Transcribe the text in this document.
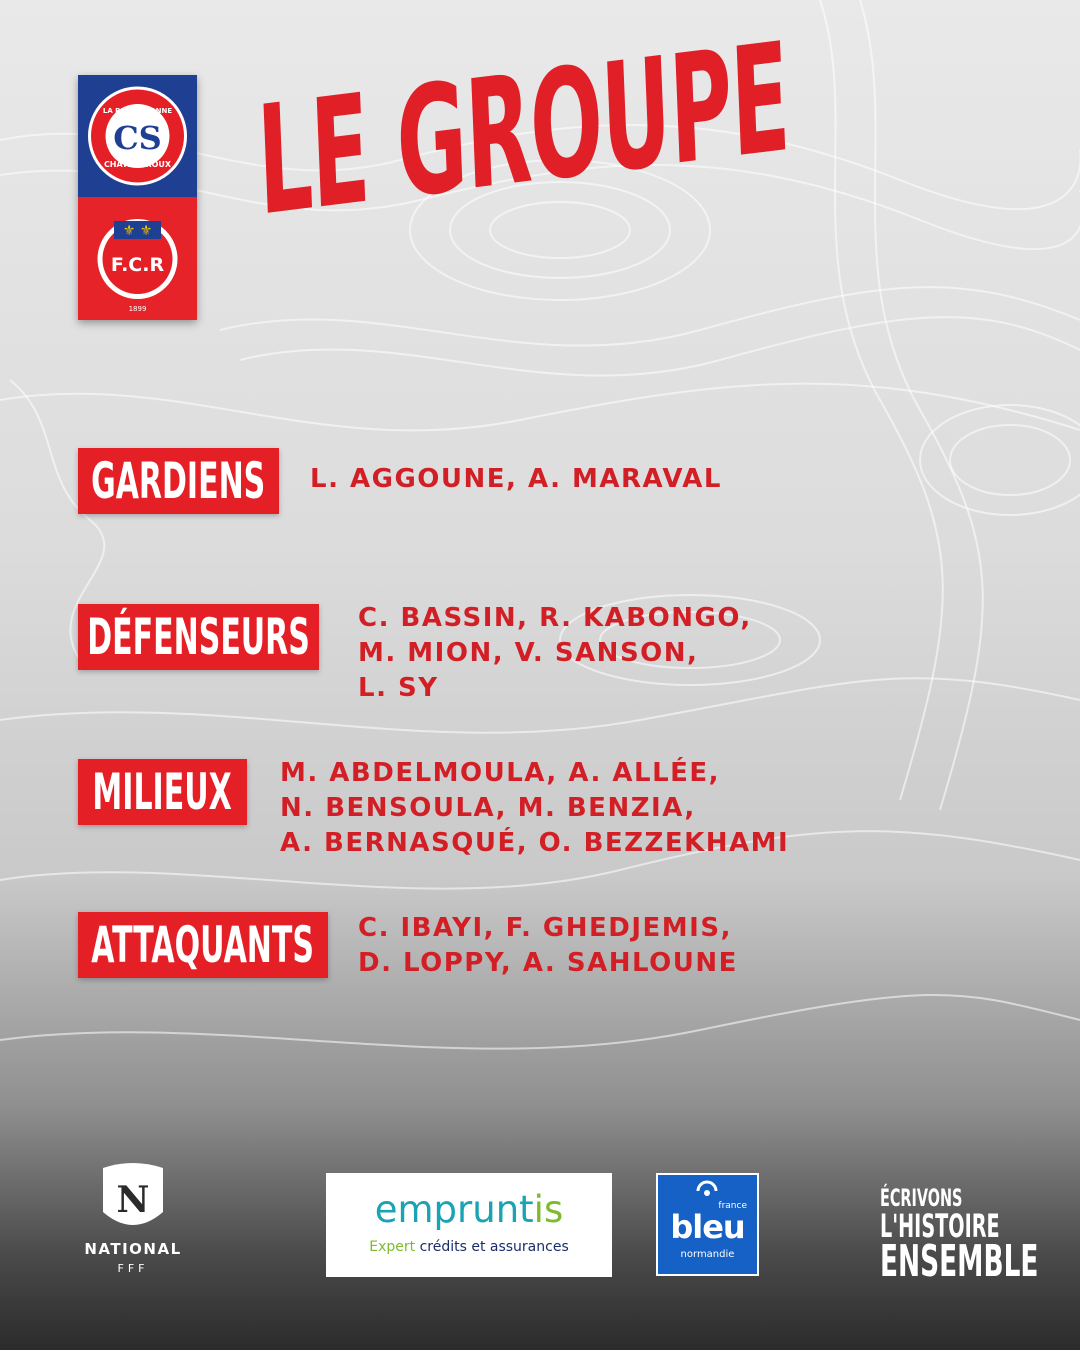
LA BERRICHONNE
CHÂTEAUROUX
CS
⚜ ⚜
F.C.R
1899
LE GROUPE
GARDIENS L. AGGOUNE, A. MARAVAL
DÉFENSEURS C. BASSIN, R. KABONGO,
M. MION, V. SANSON,
L. SY
MILIEUX M. ABDELMOULA, A. ALLÉE,
N. BENSOULA, M. BENZIA,
A. BERNASQUÉ, O. BEZZEKHAMI
ATTAQUANTS C. IBAYI, F. GHEDJEMIS,
D. LOPPY, A. SAHLOUNE
N
NATIONAL
FFF
empruntis
Expert crédits et assurances
france
bleu
normandie
ÉCRIVONS
L'HISTOIRE
ENSEMBLE
